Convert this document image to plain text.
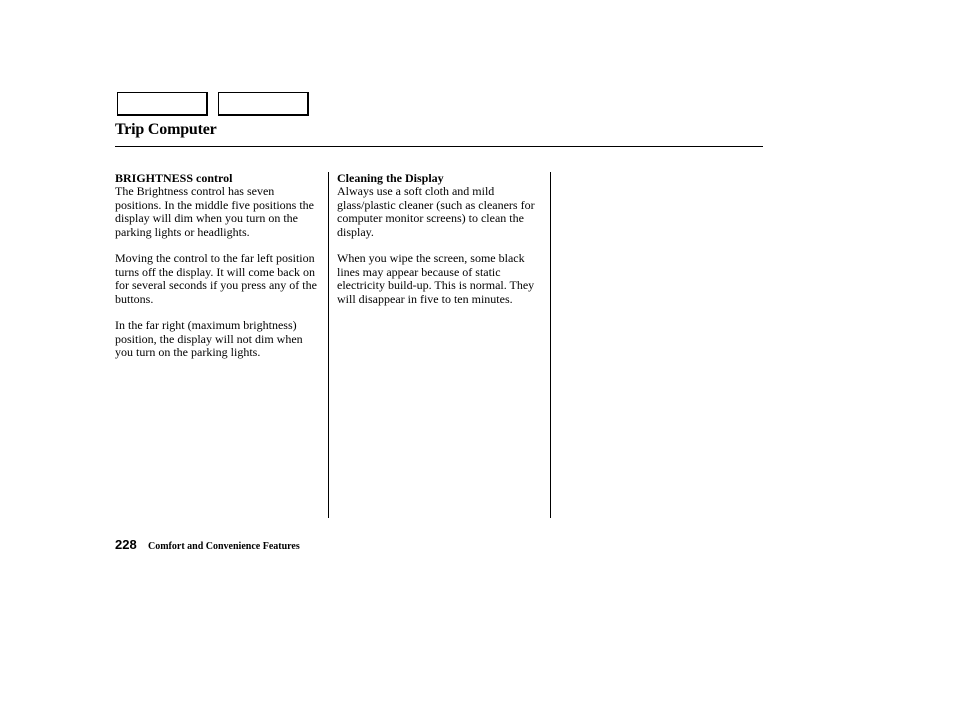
Trip Computer
BRIGHTNESS control

The Brightness control has seven positions. In the middle five positions the display will dim when you turn on the parking lights or headlights.

Moving the control to the far left position turns off the display. It will come back on for several seconds if you press any of the buttons.

In the far right (maximum brightness) position, the display will not dim when you turn on the parking lights.

Cleaning the Display

Always use a soft cloth and mild glass/plastic cleaner (such as cleaners for computer monitor screens) to clean the display.

When you wipe the screen, some black lines may appear because of static electricity build-up. This is normal. They will disappear in five to ten minutes.

228 Comfort and Convenience Features
